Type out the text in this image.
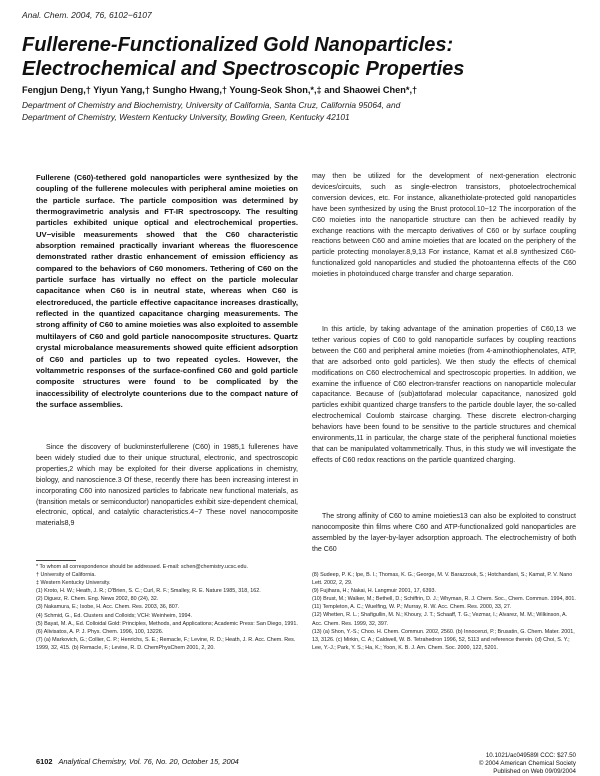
Anal. Chem. 2004, 76, 6102−6107
Fullerene-Functionalized Gold Nanoparticles:
Electrochemical and Spectroscopic Properties
Fengjun Deng,† Yiyun Yang,† Sungho Hwang,† Young-Seok Shon,*,‡ and Shaowei Chen*,†
Department of Chemistry and Biochemistry, University of California, Santa Cruz, California 95064, and
Department of Chemistry, Western Kentucky University, Bowling Green, Kentucky 42101

Fullerene (C60)-tethered gold nanoparticles were synthesized by the coupling of the fullerene molecules with peripheral amine moieties on the particle surface. The particle composition was determined by thermogravimetric analysis and FT-IR spectroscopy. The resulting particles exhibited unique optical and electrochemical properties. UV−visible measurements showed that the C60 characteristic absorption remained practically invariant whereas the fluorescence demonstrated rather drastic enhancement of emission efficiency as compared to the behaviors of C60 monomers. Tethering of C60 on the particle surface has virtually no effect on the particle molecular capacitance when C60 is in neutral state, whereas when C60 is electroreduced, the particle effective capacitance increases drastically, reflected in the quantized capacitance charging measurements. The strong affinity of C60 to amine moieties was also exploited to assemble multilayers of C60 and gold particle nanocomposite structures. Quartz crystal microbalance measurements showed quite efficient adsorption of C60 and particles up to two repeated cycles. However, the voltammetric responses of the surface-confined C60 and gold particle composite structures were found to be complicated by the inaccessibility of electrolyte counterions due to the compact nature of the surface assemblies.

Since the discovery of buckminsterfullerene (C60) in 1985,1 fullerenes have been widely studied due to their unique structural, electronic, and spectroscopic properties,2 which may be exploited for their diverse applications in chemistry, biology, and nanoscience.3 Of these, recently there has been increasing interest in incorporating C60 into nanosized particles to fabricate new functional materials, as (transition metals or semiconductor) nanoparticles exhibit size-dependent chemical, electronic, optical, and catalytic characteristics.4−7 These novel nanocomposite materials8,9

may then be utilized for the development of next-generation electronic devices/circuits, such as single-electron transistors, photoelectrochemical conversion devices, etc. For instance, alkanethiolate-protected gold nanoparticles have been synthesized by using the Brust protocol.10−12 The incorporation of the C60 moieties into the nanoparticle structure can then be achieved readily by exchange reactions with the mercapto derivatives of C60 or by surface coupling reactions between C60 and amine moieties that are located on the periphery of the particle protecting monolayer.8,9,13 For instance, Kamat et al.8 synthesized C60-functionalized gold nanoparticles and studied the photoantenna effects of the C60 moieties in photoinduced charge transfer and charge separation.

In this article, by taking advantage of the amination properties of C60,13 we tether various copies of C60 to gold nanoparticle surfaces by coupling reactions between the C60 and peripheral amine moieties (from 4-aminothiophenolates, ATP, that are adsorbed onto gold particles). We then study the effects of chemical modifications on C60 electrochemical and spectroscopic properties. In addition, we examine the influence of C60 electron-transfer reactions on nanoparticle molecular capacitance. Because of (sub)attofarad molecular capacitance, nanosized gold particles exhibit quantized charge transfers to the particle double layer, the so-called electrochemical Coulomb staircase charging. These discrete electron-charging behaviors have been found to be sensitive to the particle structures and chemical environments,11 in particular, the charge state of the peripheral functional moieties that can be manipulated voltammetrically. Thus, in this study we will investigate the effects of C60 redox reactions on the particle quantized charging.

The strong affinity of C60 to amine moieties13 can also be exploited to construct nanocomposite thin films where C60 and ATP-functionalized gold nanoparticles are assembled by the layer-by-layer adsorption approach. The electrochemistry of both the C60

* To whom all correspondence should be addressed. E-mail: schen@chemistry.ucsc.edu.
† University of California.
‡ Western Kentucky University.
(1) Kroto, H. W.; Heath, J. R.; O'Brien, S. C.; Curl, R. F.; Smalley, R. E. Nature 1985, 318, 162.
(2) Diguez, R. Chem. Eng. News 2002, 80 (24), 32.
(3) Nakamura, E.; Isobe, H. Acc. Chem. Res. 2003, 36, 807.
(4) Schmid, G., Ed. Clusters and Colloids; VCH: Weinheim, 1994.
(5) Bayat, M. A., Ed. Colloidal Gold: Principles, Methods, and Applications; Academic Press: San Diego, 1991.
(6) Alivisatos, A. P. J. Phys. Chem. 1996, 100, 13226.
(7) (a) Markovich, G.; Collier, C. P.; Henrichs, S. E.; Remacle, F.; Levine, R. D.; Heath, J. R. Acc. Chem. Res. 1999, 32, 415. (b) Remacle, F.; Levine, R. D. ChemPhysChem 2001, 2, 20.
(8) Sudeep, P. K.; Ipe, B. I.; Thomas, K. G.; George, M. V. Barazzouk, S.; Hotchandani, S.; Kamat, P. V. Nano Lett. 2002, 2, 29.
(9) Fujihara, H.; Nakai, H. Langmuir 2001, 17, 6393.
(10) Brust, M.; Walker, M.; Bethell, D.; Schiffrin, D. J.; Whyman, R. J. Chem. Soc., Chem. Commun. 1994, 801.
(11) Templeton, A. C.; Wuelfing, W. P.; Murray, R. W. Acc. Chem. Res. 2000, 33, 27.
(12) Whetten, R. L.; Shafigullin, M. N.; Khoury, J. T.; Schaaff, T. G.; Vezmar, I.; Alvarez, M. M.; Wilkinson, A. Acc. Chem. Res. 1999, 32, 397.
(13) (a) Shon, Y.-S.; Choo. H. Chem. Commun. 2002, 2560. (b) Innocenzi, P.; Brusatin, G. Chem. Mater. 2001, 13, 3126. (c) Mirkin, C. A.; Caldwell, W. B. Tetrahedron 1996, 52, 5113 and reference therein. (d) Choi, S. Y.; Lee, Y.-J.; Park, Y. S.; Ha, K.; Yoon, K. B. J. Am. Chem. Soc. 2000, 122, 5201.
6102 Analytical Chemistry, Vol. 76, No. 20, October 15, 2004
10.1021/ac049589l CCC: $27.50
© 2004 American Chemical Society
Published on Web 09/09/2004
